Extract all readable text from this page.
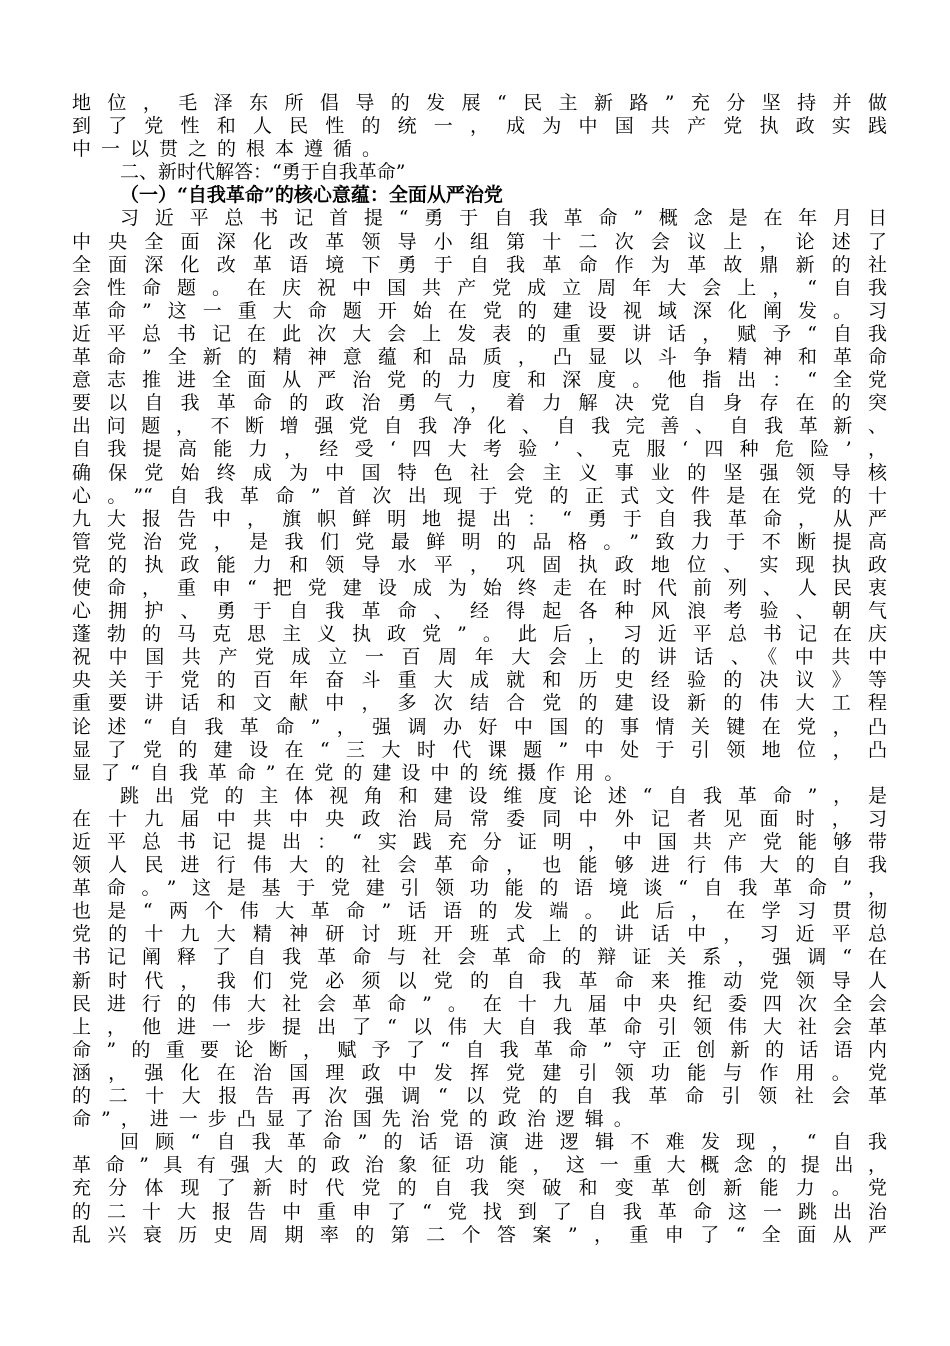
地位，毛泽东所倡导的发展“民主新路”充分坚持并做
到了党性和人民性的统一，成为中国共产党执政实践
中一以贯之的根本遵循。
二、新时代解答：“勇于自我革命”
（一）“自我革命”的核心意蕴：全面从严治党
习近平总书记首提“勇于自我革命”概念是在年月日
中央全面深化改革领导小组第十二次会议上，论述了
全面深化改革语境下勇于自我革命作为革故鼎新的社
会性命题。在庆祝中国共产党成立周年大会上，“自我
革命”这一重大命题开始在党的建设视域深化阐发。习
近平总书记在此次大会上发表的重要讲话，赋予“自我
革命”全新的精神意蕴和品质，凸显以斗争精神和革命
意志推进全面从严治党的力度和深度。他指出：“全党
要以自我革命的政治勇气，着力解决党自身存在的突
出问题，不断增强党自我净化、自我完善、自我革新、
自我提高能力，经受‘四大考验’、克服‘四种危险’，
确保党始终成为中国特色社会主义事业的坚强领导核
心。”“自我革命”首次出现于党的正式文件是在党的十
九大报告中，旗帜鲜明地提出：“勇于自我革命，从严
管党治党，是我们党最鲜明的品格。”致力于不断提高
党的执政能力和领导水平，巩固执政地位、实现执政
使命，重申“把党建设成为始终走在时代前列、人民衷
心拥护、勇于自我革命、经得起各种风浪考验、朝气
蓬勃的马克思主义执政党”。此后，习近平总书记在庆
祝中国共产党成立一百周年大会上的讲话、《中共中
央关于党的百年奋斗重大成就和历史经验的决议》等
重要讲话和文献中，多次结合党的建设新的伟大工程
论述“自我革命”，强调办好中国的事情关键在党，凸
显了党的建设在“三大时代课题”中处于引领地位，凸
显了“自我革命”在党的建设中的统摄作用。
跳出党的主体视角和建设维度论述“自我革命”，是
在十九届中共中央政治局常委同中外记者见面时，习
近平总书记提出：“实践充分证明，中国共产党能够带
领人民进行伟大的社会革命，也能够进行伟大的自我
革命。”这是基于党建引领功能的语境谈“自我革命”，
也是“两个伟大革命”话语的发端。此后，在学习贯彻
党的十九大精神研讨班开班式上的讲话中，习近平总
书记阐释了自我革命与社会革命的辩证关系，强调“在
新时代，我们党必须以党的自我革命来推动党领导人
民进行的伟大社会革命”。在十九届中央纪委四次全会
上，他进一步提出了“以伟大自我革命引领伟大社会革
命”的重要论断，赋予了“自我革命”守正创新的话语内
涵，强化在治国理政中发挥党建引领功能与作用。党
的二十大报告再次强调“以党的自我革命引领社会革
命”，进一步凸显了治国先治党的政治逻辑。
回顾“自我革命”的话语演进逻辑不难发现，“自我
革命”具有强大的政治象征功能，这一重大概念的提出，
充分体现了新时代党的自我突破和变革创新能力。党
的二十大报告中重申了“党找到了自我革命这一跳出治
乱兴衰历史周期率的第二个答案”，重申了“全面从严
